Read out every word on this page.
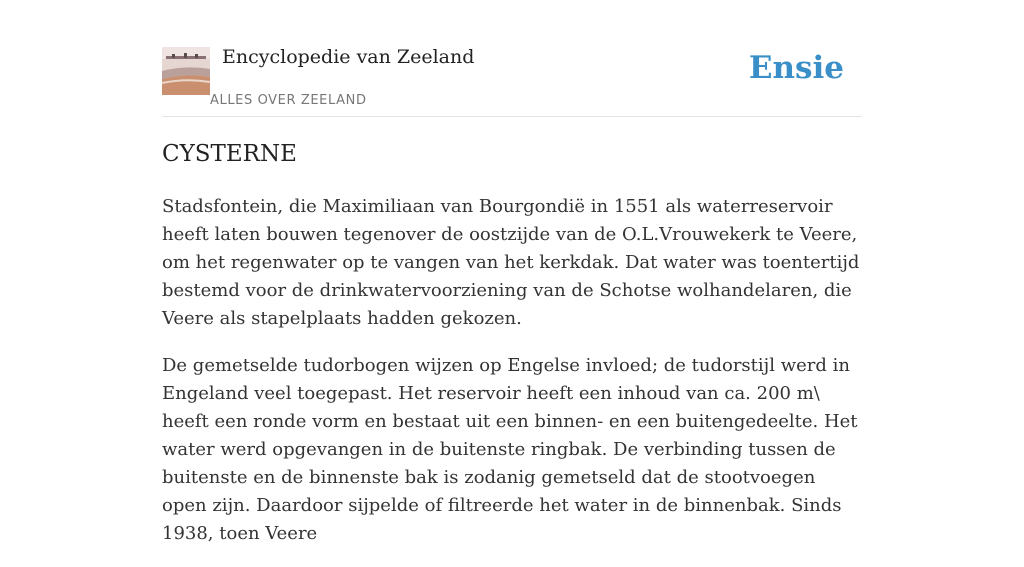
Encyclopedie van Zeeland
ALLES OVER ZEELAND
Ensie
CYSTERNE

Stadsfontein, die Maximiliaan van Bourgondië in 1551 als waterreservoir heeft laten bouwen tegenover de oostzijde van de O.L.Vrouwekerk te Veere, om het regenwater op te vangen van het kerkdak. Dat water was toentertijd bestemd voor de drinkwatervoorziening van de Schotse wolhandelaren, die Veere als stapelplaats hadden gekozen.

De gemetselde tudorbogen wijzen op Engelse invloed; de tudorstijl werd in Engeland veel toegepast. Het reservoir heeft een inhoud van ca. 200 m\ heeft een ronde vorm en bestaat uit een binnen- en een buitengedeelte. Het water werd opgevangen in de buitenste ringbak. De verbinding tussen de buitenste en de binnenste bak is zodanig gemetseld dat de stootvoegen open zijn. Daardoor sijpelde of filtreerde het water in de binnenbak. Sinds 1938, toen Veere
